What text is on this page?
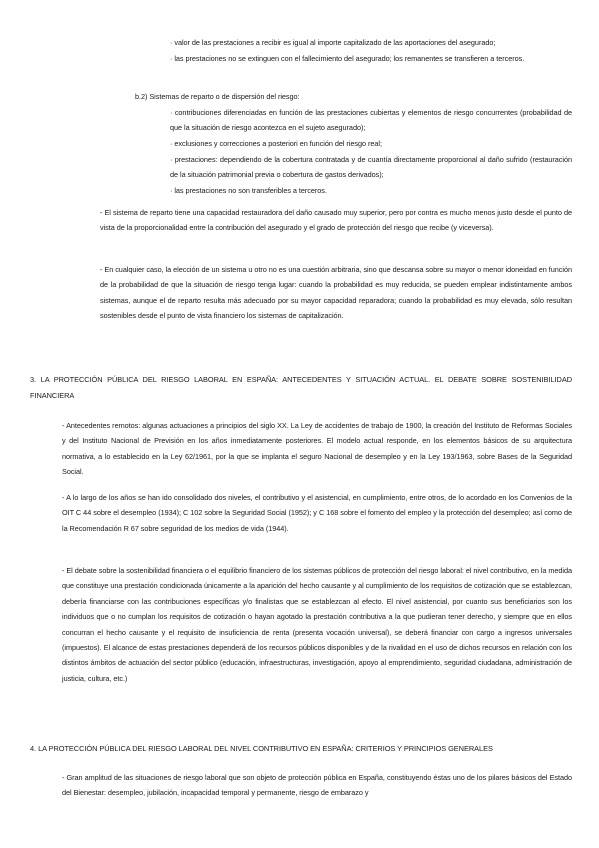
· valor de las prestaciones a recibir es igual al importe capitalizado de las aportaciones del asegurado;

· las prestaciones no se extinguen con el fallecimiento del asegurado; los remanentes se transfieren a terceros.

b.2) Sistemas de reparto o de dispersión del riesgo:

· contribuciones diferenciadas en función de las prestaciones cubiertas y elementos de riesgo concurrentes (probabilidad de que la situación de riesgo acontezca en el sujeto asegurado);

· exclusiones y correcciones a posteriori en función del riesgo real;

· prestaciones: dependiendo de la cobertura contratada y de cuantía directamente proporcional al daño sufrido (restauración de la situación patrimonial previa o cobertura de gastos derivados);

· las prestaciones no son transferibles a terceros.

- El sistema de reparto tiene una capacidad restauradora del daño causado muy superior, pero por contra es mucho menos justo desde el punto de vista de la proporcionalidad entre la contribución del asegurado y el grado de protección del riesgo que recibe (y viceversa).

- En cualquier caso, la elección de un sistema u otro no es una cuestión arbitraria, sino que descansa sobre su mayor o menor idoneidad en función de la probabilidad de que la situación de riesgo tenga lugar: cuando la probabilidad es muy reducida, se pueden emplear indistintamente ambos sistemas, aunque el de reparto resulta más adecuado por su mayor capacidad reparadora; cuando la probabilidad es muy elevada, sólo resultan sostenibles desde el punto de vista financiero los sistemas de capitalización.

3. LA PROTECCIÓN PÚBLICA DEL RIESGO LABORAL EN ESPAÑA: ANTECEDENTES Y SITUACIÓN ACTUAL. EL DEBATE SOBRE SOSTENIBILIDAD FINANCIERA

- Antecedentes remotos: algunas actuaciones a principios del siglo XX. La Ley de accidentes de trabajo de 1900, la creación del Instituto de Reformas Sociales y del Instituto Nacional de Previsión en los años inmediatamente posteriores. El modelo actual responde, en los elementos básicos de su arquitectura normativa, a lo establecido en la Ley 62/1961, por la que se implanta el seguro Nacional de desempleo y en la Ley 193/1963, sobre Bases de la Seguridad Social.

- A lo largo de los años se han ido consolidado dos niveles, el contributivo y el asistencial, en cumplimiento, entre otros, de lo acordado en los Convenios de la OIT C 44 sobre el desempleo (1934); C 102 sobre la Seguridad Social (1952); y C 168 sobre el fomento del empleo y la protección del desempleo; así como de la Recomendación R 67 sobre seguridad de los medios de vida (1944).

- El debate sobre la sostenibilidad financiera o el equilibrio financiero de los sistemas públicos de protección del riesgo laboral: el nivel contributivo, en la medida que constituye una prestación condicionada únicamente a la aparición del hecho causante y al cumplimiento de los requisitos de cotización que se establezcan, debería financiarse con las contribuciones específicas y/o finalistas que se establezcan al efecto. El nivel asistencial, por cuanto sus beneficiarios son los individuos que o no cumplan los requisitos de cotización o hayan agotado la prestación contributiva a la que pudieran tener derecho, y siempre que en ellos concurran el hecho causante y el requisito de insuficiencia de renta (presenta vocación universal), se deberá financiar con cargo a ingresos universales (impuestos). El alcance de estas prestaciones dependerá de los recursos públicos disponibles y de la rivalidad en el uso de dichos recursos en relación con los distintos ámbitos de actuación del sector público (educación, infraestructuras, investigación, apoyo al emprendimiento, seguridad ciudadana, administración de justicia, cultura, etc.)

4. LA PROTECCIÓN PÚBLICA DEL RIESGO LABORAL DEL NIVEL CONTRIBUTIVO EN ESPAÑA: CRITERIOS Y PRINCIPIOS GENERALES

- Gran amplitud de las situaciones de riesgo laboral que son objeto de protección pública en España, constituyendo éstas uno de los pilares básicos del Estado del Bienestar: desempleo, jubilación, incapacidad temporal y permanente, riesgo de embarazo y
